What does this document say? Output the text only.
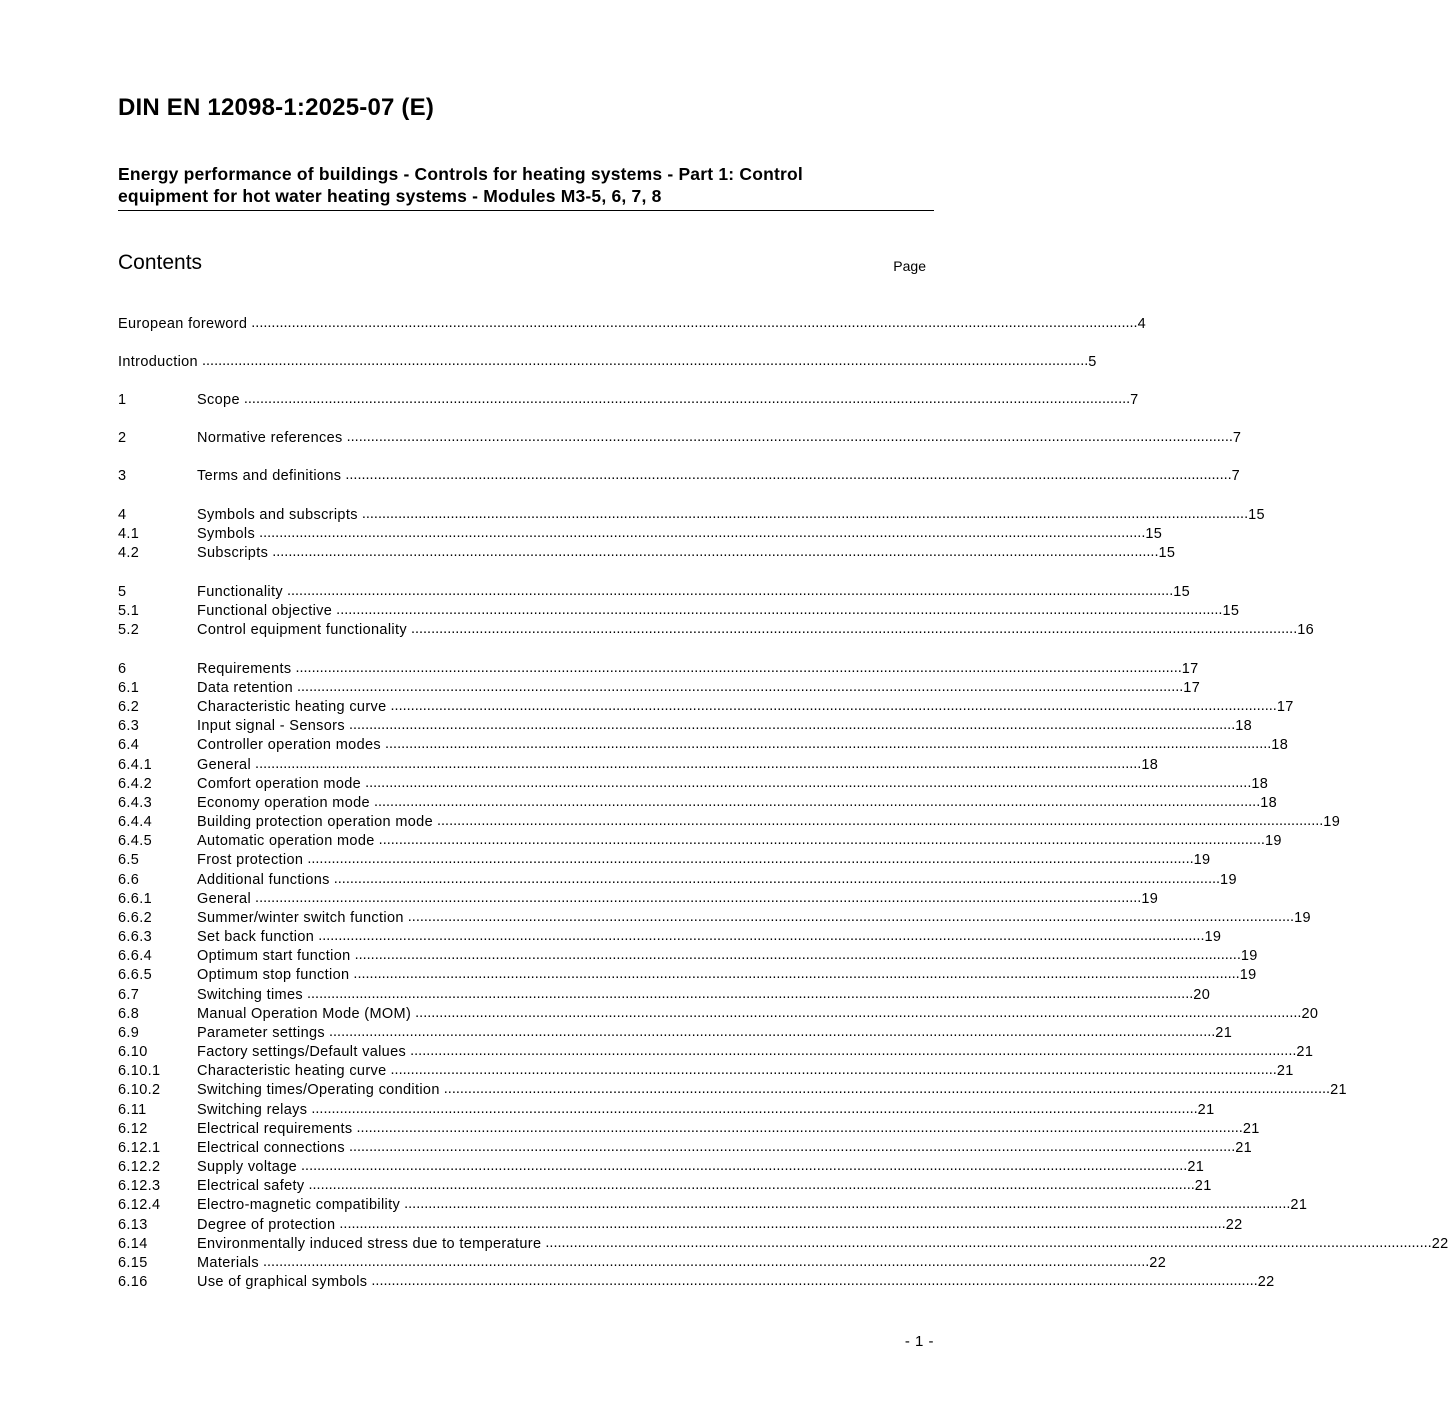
DIN EN 12098-1:2025-07 (E)
Energy performance of buildings - Controls for heating systems - Part 1: Control equipment for hot water heating systems - Modules M3-5, 6, 7, 8
Contents	Page
European foreword ............................................................................................................................................................................................................................ 4
Introduction ............................................................................................................................................................................................................................ 5
1	Scope ............................................................................................................................................................................................................................ 7
2	Normative references ............................................................................................................................................................................................................................ 7
3	Terms and definitions ............................................................................................................................................................................................................................ 7
4	Symbols and subscripts ............................................................................................................................................................................................................................ 15
4.1	Symbols ............................................................................................................................................................................................................................ 15
4.2	Subscripts ............................................................................................................................................................................................................................ 15
5	Functionality ............................................................................................................................................................................................................................ 15
5.1	Functional objective ............................................................................................................................................................................................................................ 15
5.2	Control equipment functionality ............................................................................................................................................................................................................................ 16
6	Requirements ............................................................................................................................................................................................................................ 17
6.1	Data retention ............................................................................................................................................................................................................................ 17
6.2	Characteristic heating curve ............................................................................................................................................................................................................................ 17
6.3	Input signal - Sensors ............................................................................................................................................................................................................................ 18
6.4	Controller operation modes ............................................................................................................................................................................................................................ 18
6.4.1	General ............................................................................................................................................................................................................................ 18
6.4.2	Comfort operation mode ............................................................................................................................................................................................................................ 18
6.4.3	Economy operation mode ............................................................................................................................................................................................................................ 18
6.4.4	Building protection operation mode ............................................................................................................................................................................................................................ 19
6.4.5	Automatic operation mode ............................................................................................................................................................................................................................ 19
6.5	Frost protection ............................................................................................................................................................................................................................ 19
6.6	Additional functions ............................................................................................................................................................................................................................ 19
6.6.1	General ............................................................................................................................................................................................................................ 19
6.6.2	Summer/winter switch function ............................................................................................................................................................................................................................ 19
6.6.3	Set back function ............................................................................................................................................................................................................................ 19
6.6.4	Optimum start function ............................................................................................................................................................................................................................ 19
6.6.5	Optimum stop function ............................................................................................................................................................................................................................ 19
6.7	Switching times ............................................................................................................................................................................................................................ 20
6.8	Manual Operation Mode (MOM) ............................................................................................................................................................................................................................ 20
6.9	Parameter settings ............................................................................................................................................................................................................................ 21
6.10	Factory settings/Default values ............................................................................................................................................................................................................................ 21
6.10.1	Characteristic heating curve ............................................................................................................................................................................................................................ 21
6.10.2	Switching times/Operating condition ............................................................................................................................................................................................................................ 21
6.11	Switching relays ............................................................................................................................................................................................................................ 21
6.12	Electrical requirements ............................................................................................................................................................................................................................ 21
6.12.1	Electrical connections ............................................................................................................................................................................................................................ 21
6.12.2	Supply voltage ............................................................................................................................................................................................................................ 21
6.12.3	Electrical safety ............................................................................................................................................................................................................................ 21
6.12.4	Electro-magnetic compatibility ............................................................................................................................................................................................................................ 21
6.13	Degree of protection ............................................................................................................................................................................................................................ 22
6.14	Environmentally induced stress due to temperature ............................................................................................................................................................................................................................ 22
6.15	Materials ............................................................................................................................................................................................................................ 22
6.16	Use of graphical symbols ............................................................................................................................................................................................................................ 22
- 1 -
